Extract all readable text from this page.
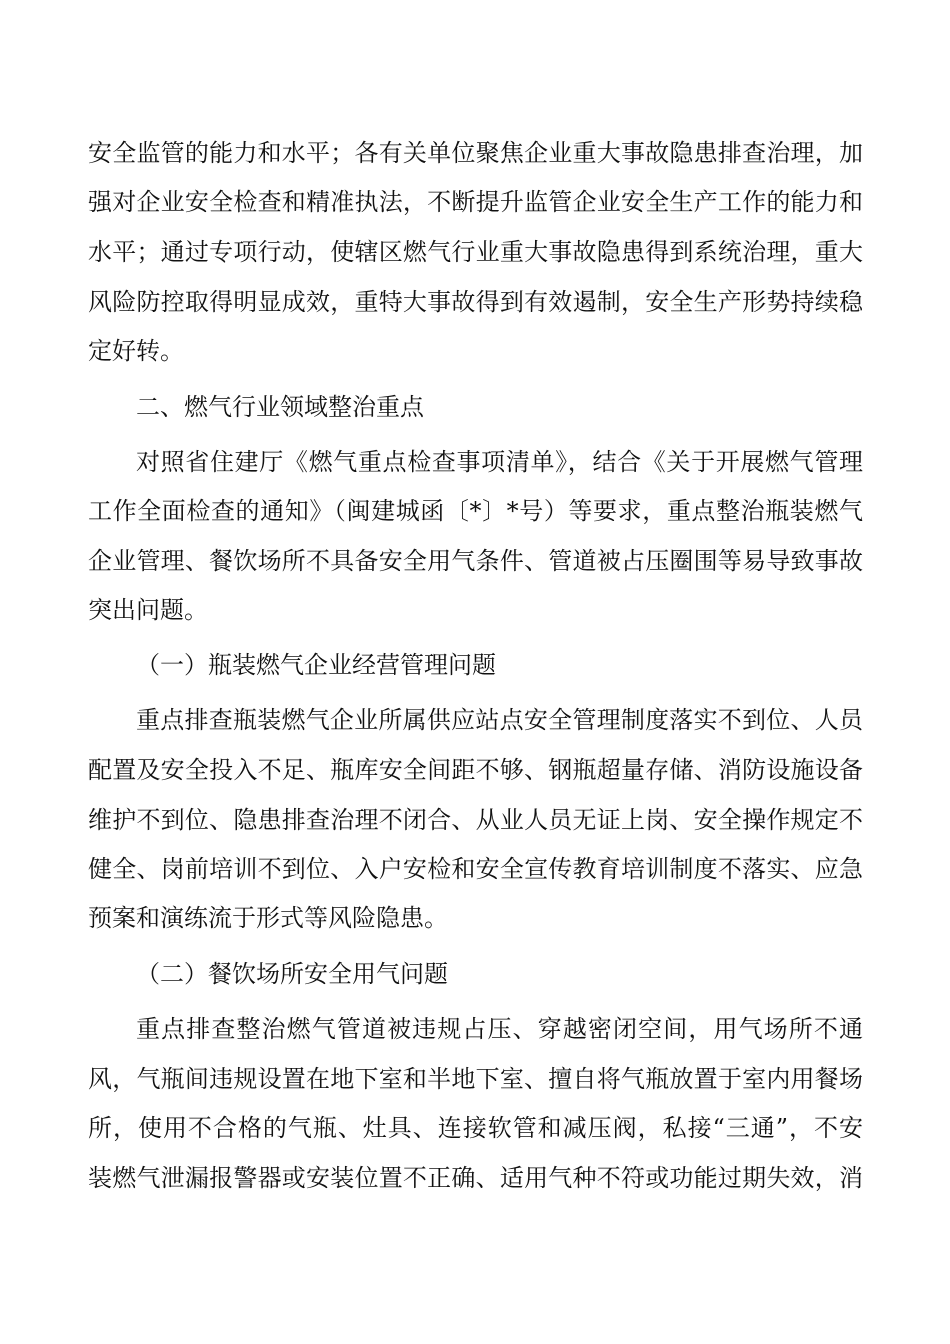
安全监管的能力和水平；各有关单位聚焦企业重大事故隐患排查治理，加
强对企业安全检查和精准执法，不断提升监管企业安全生产工作的能力和
水平；通过专项行动，使辖区燃气行业重大事故隐患得到系统治理，重大
风险防控取得明显成效，重特大事故得到有效遏制，安全生产形势持续稳
定好转。
二、燃气行业领域整治重点
对照省住建厅《燃气重点检查事项清单》，结合《关于开展燃气管理
工作全面检查的通知》（闽建城函〔*〕*号）等要求，重点整治瓶装燃气
企业管理、餐饮场所不具备安全用气条件、管道被占压圈围等易导致事故
突出问题。
（一）瓶装燃气企业经营管理问题
重点排查瓶装燃气企业所属供应站点安全管理制度落实不到位、人员
配置及安全投入不足、瓶库安全间距不够、钢瓶超量存储、消防设施设备
维护不到位、隐患排查治理不闭合、从业人员无证上岗、安全操作规定不
健全、岗前培训不到位、入户安检和安全宣传教育培训制度不落实、应急
预案和演练流于形式等风险隐患。
（二）餐饮场所安全用气问题
重点排查整治燃气管道被违规占压、穿越密闭空间，用气场所不通
风，气瓶间违规设置在地下室和半地下室、擅自将气瓶放置于室内用餐场
所，使用不合格的气瓶、灶具、连接软管和减压阀，私接“三通”，不安
装燃气泄漏报警器或安装位置不正确、适用气种不符或功能过期失效，消
